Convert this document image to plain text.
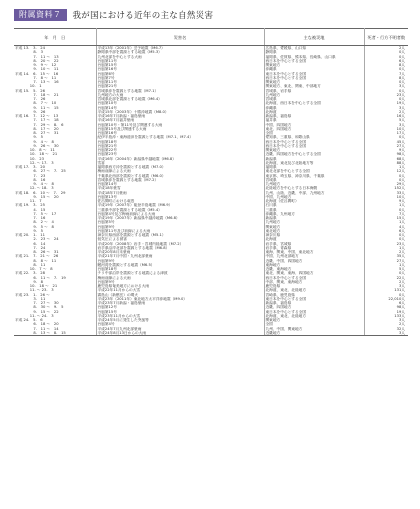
附属資料７	我が国における近年の主な自然災害
年　月　日	災害名	主な被災地	死者・行方不明者数
平成 13.　3.　24	平成13年（2001年）芸予地震（M6.7）	広島県、愛媛県、山口県	2人
　　　　　8.　3	静岡県中部を震源とする地震（M5.3）	静岡県	0人
　　　　　7.　11 〜　13	九州北部を中心とする大雨	福岡県、佐賀県、熊本県、長崎県、山口県	0人
　　　　　8.　20 〜　22	台風第11号	西日本を中心とする全国	6人
　　　　　9.　9 〜　12	台風第15号	関東地方	8人
　　　　　9.　10 〜　11	台風第16号	沖縄県	0人
平成 14.　6.　15 〜　16	台風第6号	東日本を中心とする全国	7人
　　　　　7.　8 〜　11	台風第7号	西日本を中心とする全国	8人
　　　　　7.　13 〜　16	台風第11号	関東地方	0人
　　　　10.　1	台風第21号	関東地方、東北、関東、中部地方	3人
平成 15.　5.　26	宮城県沖を震源とする地震（M7.1）	宮城県、岩手県	0人
　　　　　7.　18 〜　21	九州地方の大雨	九州地方	23人
　　　　　7.　26	宮城県北部を震源とする地震（M6.4）	宮城県	0人
　　　　　8.　7 〜　10	台風第10号	北海道、西日本を中心とする全国	19人
　　　　　9.　11 〜　15	台風第14号	沖縄県	3人
　　　　　9.　26	平成15年（2003年）十勝沖地震（M8.0）	北海道	2人
平成 16.　7.　12 〜　13	平成16年7月新潟・福島豪雨	新潟県、福島県	16人
　　　　　7.　17 〜　18	平成16年7月福井豪雨	福井県	5人
　　　　　7.　29 〜　8.　6	台風第10号・第11号及び関連する大雨	中国、四国地方	3人
　　　　　8.　17 〜　20	台風第15号及び関連する大雨	東北、四国地方	10人
　　　　　8.　27 〜　31	台風第16号	全国	17人
　　　　　9.　5	紀伊半島沖・東海道沖を震源とする地震（M7.1、M7.4）	愛知県、三重県、和歌山県	0人
　　　　　9.　4 〜　8	台風第18号	西日本を中心とする全国	45人
　　　　　9.　26 〜　30	台風第21号	西日本を中心とする全国	27人
　　　　10.　8 〜　11	台風第22号	関東地方	9人
　　　　10.　18 〜　21	台風第23号	近畿、四国地方を中心とする全国	98人
　　　　10.　23	平成16年（2004年）新潟県中越地震（M6.8）	新潟県	68人
　　　　12. 〜 17.　3	雪害	北海道、東北及び北陸地方等	88人
平成 17.　3.　20	福岡県西方沖を震源とする地震（M7.0）	福岡県	1人
　　　　　6.　27 〜　7.　25	梅雨前線による大雨	東北北部を中心とする全国	12人
　　　　　7.　23	千葉県北西部を震源とする地震（M6.0）	東京都、埼玉県、神奈川県、千葉県	0人
　　　　　8.　16	宮城県沖を震源とする地震（M7.2）	宮城県	0人
　　　　　9.　4 〜　8	台風第14号	九州地方	29人
　　　　12. 〜 18.　3	平成18年豪雪	北陸地方を中心とする日本海側	152人
平成 18.　6.　10 〜　7.　29	平成18年7月豪雨	九州、山陰、近畿、中部、九州地方	33人
　　　　　9.　15 〜　20	台風第13号	中国、九州地方	10人
　　　　11.　7	佐呂間町における竜巻	北海道（佐呂間町）	9人
平成 19.　3.　25	平成19年（2007年）能登半島地震（M6.9）	石川県	1人
　　　　　4.　15	三重県中部を震源とする地震（M5.4）	三重県	0人
　　　　　7.　5 〜　17	台風第4号及び梅雨前線による大雨	沖縄県、九州地方	7人
　　　　　7.　16	平成19年（2007年）新潟県中越沖地震（M6.8）	新潟県	15人
　　　　　8.　2 〜　4	台風第5号	九州地方	1人
　　　　　9.　5 〜　8	台風第9号	関東地方	4人
　　　　　9.　5	台風第11号及び前線による大雨	東北地方	6人
平成 20.　1.　11	神奈川県西部を震源とする地震（M5.1）	神奈川県	0人
　　　　　2.　23 〜　24	低気圧による被害	北海道	0人
　　　　　6.　14	平成20年（2008年）岩手・宮城内陸地震（M7.2）	岩手県、宮城県	23人
　　　　　7.　24	岩手県沿岸北部を震源とする地震（M6.8）	岩手県、青森県	1人
　　　　　8.　26 〜　31	平成20年8月末豪雨	東海、関東、中国、東北地方	2人
平成 21.　7.　21 〜　26	平成21年7月中国・九州北部豪雨	中国、九州北部地方	35人
　　　　　8.　8 〜　11	台風第9号	近畿、中国、四国地方	27人
　　　　　8.　11	駿河湾を震源とする地震（M6.5）	東海地方	1人
　　　　10.　7 〜　8	台風第18号	近畿、東海地方	5人
平成 22.　3.　28	チリ中部沿岸を震源とする地震による津波	東北、関東、東海、四国地方	0人
　　　　　6.　11 〜　7.　19	梅雨前線による大雨	西日本を中心とする全国	22人
　　　　　9.　8	台風第9号	中部、関東、東海地方	2人
　　　　10.　18 〜　21	鹿児島県奄美地方における大雨	鹿児島県	3人
　　　　11. 〜 23.　3	平成22年11月からの大雪	北海道、東北、北陸地方	131人
平成 23.　1.　26 〜	霧島山（新燃岳）の噴火	宮崎県、鹿児島県	0人
　　　　　3.　11	平成23年（2011年）東北地方太平洋沖地震（M9.0）	東日本を中心とする全国	22,010人
　　　　　7.　27 〜　30	平成23年7月新潟・福島豪雨	新潟県、福島県	6人
　　　　　8.　30 〜　9.　5	台風第12号	近畿、四国地方	98人
　　　　　9.　15 〜　22	台風第15号	東日本を中心とする全国	19人
　　　　11. 〜 24.　3	平成23年11月からの大雪	北海道、東北、北陸地方	133人
平成 24.　5.　6	平成24年5月に発生した突風等	関東地方	3人
　　　　　6.　18 〜　20	台風第4号	全国	2人
　　　　　7.　11 〜　14	平成24年7月九州北部豪雨	九州、中国、関東地方	32人
　　　　　8.　13 〜　8.　15	平成24年8月13日からの大雨	近畿地方	3人
